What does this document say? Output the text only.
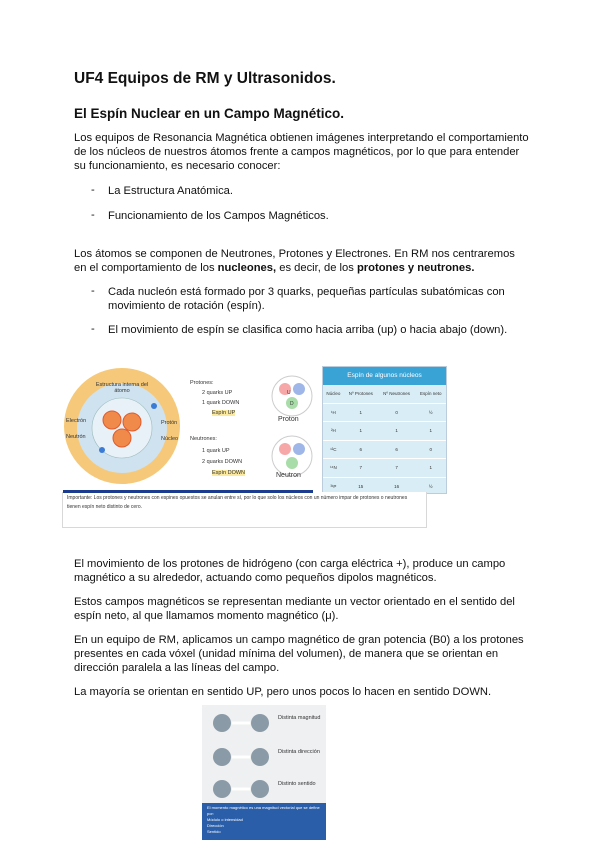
UF4 Equipos de RM y Ultrasonidos.
El Espín Nuclear en un Campo Magnético.

Los equipos de Resonancia Magnética obtienen imágenes interpretando el comportamiento de los núcleos de nuestros átomos frente a campos magnéticos, por lo que para entender su funcionamiento, es necesario conocer:

- La Estructura Anatómica.

- Funcionamiento de los Campos Magnéticos.

Los átomos se componen de Neutrones, Protones y Electrones. En RM nos centraremos en el comportamiento de los nucleones, es decir, de los protones y neutrones.

- Cada nucleón está formado por 3 quarks, pequeñas partículas subatómicas con movimiento de rotación (espín).

- El movimiento de espín se clasifica como hacia arriba (up) o hacia abajo (down).

Estructura interna del átomo
Electrón
Neutrón
Protón
Núcleo
Protones:
2 quarks UP
1 quark DOWN
Espín UP
Neutrones:
1 quark UP
2 quarks DOWN
Espín DOWN
U
D
Proton
Neutron
Espín de algunos núcleos
Núcleo	Nº Protones	Nº Neutrones	Espín neto
¹H	1	0	½
²H	1	1	1
¹²C	6	6	0
¹⁴N	7	7	1
³¹P	15	16	½
Importante: Los protones y neutrones con espines opuestos se anulan entre sí, por lo que solo los núcleos con un número impar de protones o neutrones tienen espín neto distinto de cero.

El movimiento de los protones de hidrógeno (con carga eléctrica +), produce un campo magnético a su alrededor, actuando como pequeños dipolos magnéticos.

Estos campos magnéticos se representan mediante un vector orientado en el sentido del espín neto, al que llamamos momento magnético (μ).

En un equipo de RM, aplicamos un campo magnético de gran potencia (B0) a los protones presentes en cada vóxel (unidad mínima del volumen), de manera que se orientan en dirección paralela a las líneas del campo.

La mayoría se orientan en sentido UP, pero unos pocos lo hacen en sentido DOWN.

Distinta magnitud
Distinta dirección
Distinto sentido
El momento magnético es una magnitud vectorial que se define por:
Módulo o intensidad
Dirección
Sentido
